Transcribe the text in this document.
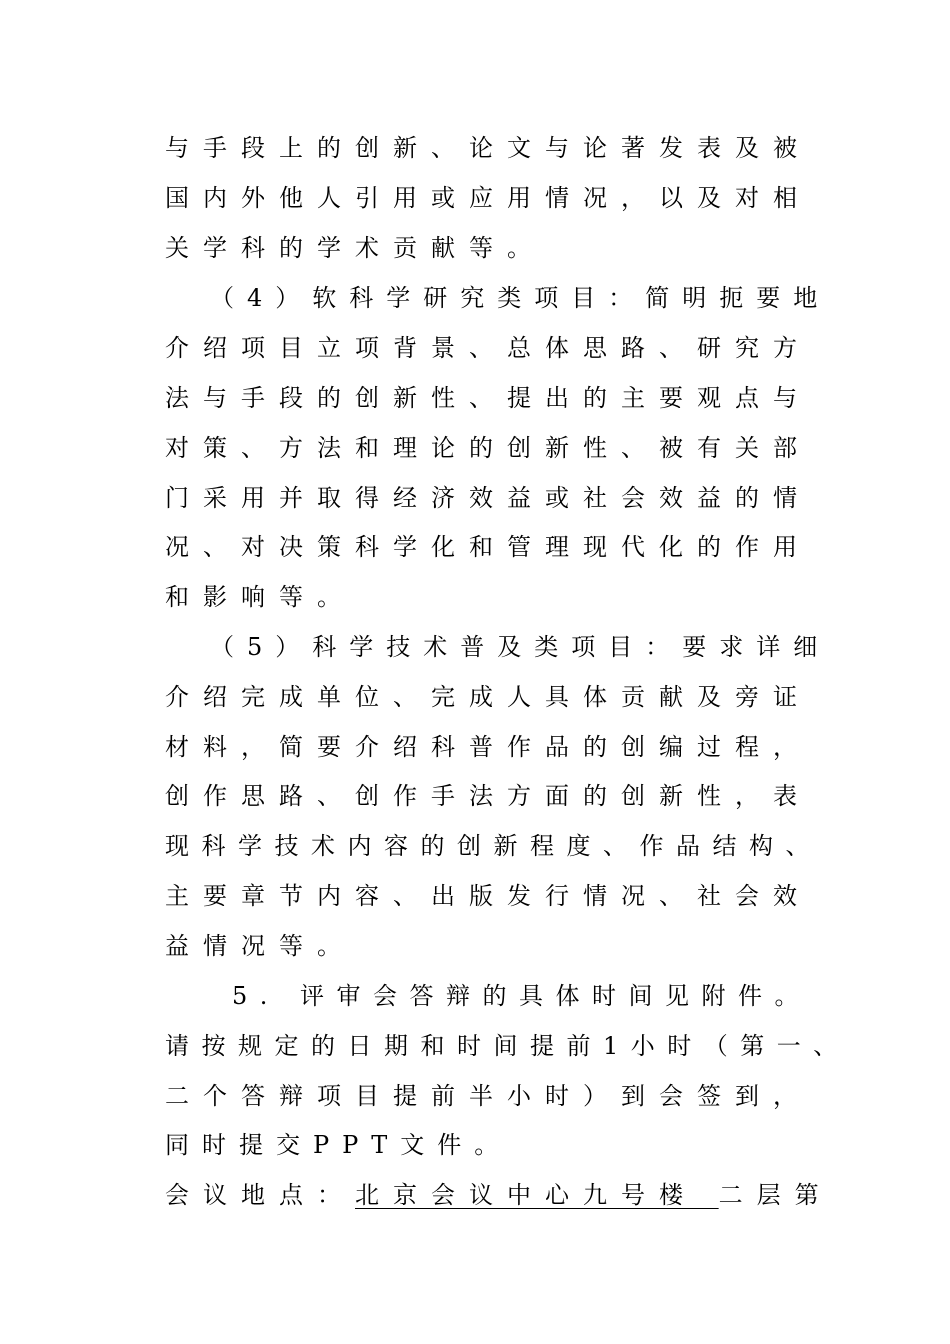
与手段上的创新、论文与论著发表及被
国内外他人引用或应用情况，以及对相
关学科的学术贡献等。
（4）软科学研究类项目：简明扼要地
介绍项目立项背景、总体思路、研究方
法与手段的创新性、提出的主要观点与
对策、方法和理论的创新性、被有关部
门采用并取得经济效益或社会效益的情
况、对决策科学化和管理现代化的作用
和影响等。
（5）科学技术普及类项目：要求详细
介绍完成单位、完成人具体贡献及旁证
材料，简要介绍科普作品的创编过程，
创作思路、创作手法方面的创新性，表
现科学技术内容的创新程度、作品结构、
主要章节内容、出版发行情况、社会效
益情况等。
5. 评审会答辩的具体时间见附件。
请按规定的日期和时间提前1小时（第一、
二个答辩项目提前半小时）到会签到，
同时提交PPT文件。
会议地点：北京会议中心九号楼 二层第
